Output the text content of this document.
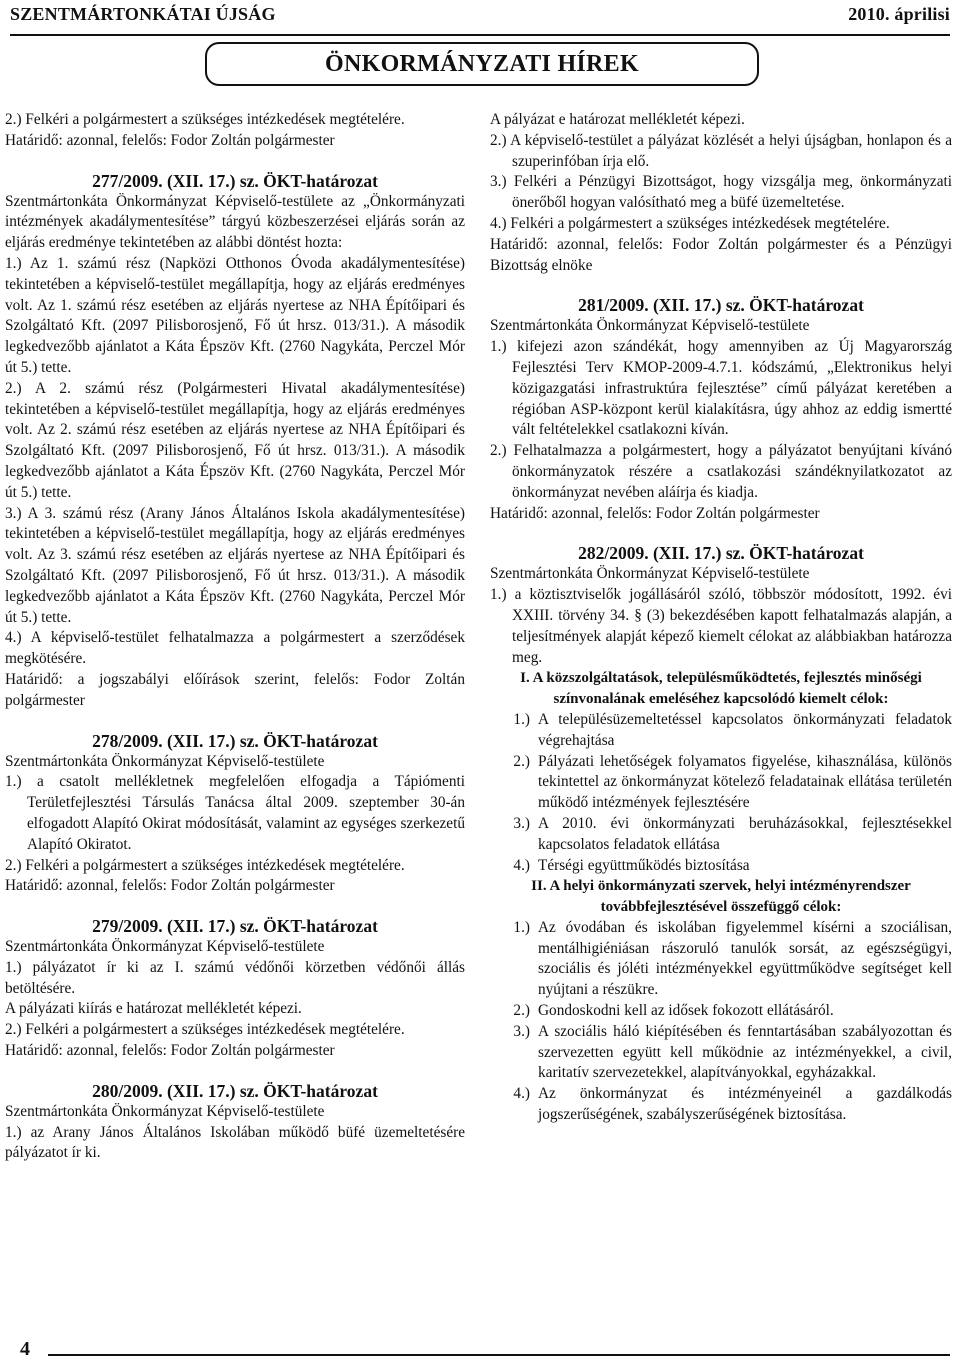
SZENTMÁRTONKÁTAI ÚJSÁG	2010. áprilisi
ÖNKORMÁNYZATI HÍREK

2.) Felkéri a polgármestert a szükséges intézkedések megtételére.

Határidő: azonnal, felelős: Fodor Zoltán polgármester

277/2009. (XII. 17.) sz. ÖKT-határozat

Szentmártonkáta Önkormányzat Képviselő-testülete az „Önkormányzati intézmények akadálymentesítése” tárgyú közbeszerzései eljárás során az eljárás eredménye tekintetében az alábbi döntést hozta:

1.) Az 1. számú rész (Napközi Otthonos Óvoda akadálymentesítése) tekintetében a képviselő-testület megállapítja, hogy az eljárás eredményes volt. Az 1. számú rész esetében az eljárás nyertese az NHA Építőipari és Szolgáltató Kft. (2097 Pilisborosjenő, Fő út hrsz. 013/31.). A második legkedvezőbb ajánlatot a Káta Épszöv Kft. (2760 Nagykáta, Perczel Mór út 5.) tette.

2.) A 2. számú rész (Polgármesteri Hivatal akadálymentesítése) tekintetében a képviselő-testület megállapítja, hogy az eljárás eredményes volt. Az 2. számú rész esetében az eljárás nyertese az NHA Építőipari és Szolgáltató Kft. (2097 Pilisborosjenő, Fő út hrsz. 013/31.). A második legkedvezőbb ajánlatot a Káta Épszöv Kft. (2760 Nagykáta, Perczel Mór út 5.) tette.

3.) A 3. számú rész (Arany János Általános Iskola akadálymentesítése) tekintetében a képviselő-testület megállapítja, hogy az eljárás eredményes volt. Az 3. számú rész esetében az eljárás nyertese az NHA Építőipari és Szolgáltató Kft. (2097 Pilisborosjenő, Fő út hrsz. 013/31.). A második legkedvezőbb ajánlatot a Káta Épszöv Kft. (2760 Nagykáta, Perczel Mór út 5.) tette.

4.) A képviselő-testület felhatalmazza a polgármestert a szerződések megkötésére.

Határidő: a jogszabályi előírások szerint, felelős: Fodor Zoltán polgármester

278/2009. (XII. 17.) sz. ÖKT-határozat

Szentmártonkáta Önkormányzat Képviselő-testülete

1.) a csatolt mellékletnek megfelelően elfogadja a Tápiómenti Területfejlesztési Társulás Tanácsa által 2009. szeptember 30-án elfogadott Alapító Okirat módosítását, valamint az egységes szerkezetű Alapító Okiratot.

2.) Felkéri a polgármestert a szükséges intézkedések megtételére.

Határidő: azonnal, felelős: Fodor Zoltán polgármester

279/2009. (XII. 17.) sz. ÖKT-határozat

Szentmártonkáta Önkormányzat Képviselő-testülete

1.) pályázatot ír ki az I. számú védőnői körzetben védőnői állás betöltésére.

A pályázati kiírás e határozat mellékletét képezi.

2.) Felkéri a polgármestert a szükséges intézkedések megtételére.

Határidő: azonnal, felelős: Fodor Zoltán polgármester

280/2009. (XII. 17.) sz. ÖKT-határozat

Szentmártonkáta Önkormányzat Képviselő-testülete

1.) az Arany János Általános Iskolában működő büfé üzemeltetésére pályázatot ír ki.

A pályázat e határozat mellékletét képezi.

2.) A képviselő-testület a pályázat közlését a helyi újságban, honlapon és a szuperinfóban írja elő.

3.) Felkéri a Pénzügyi Bizottságot, hogy vizsgálja meg, önkormányzati önerőből hogyan valósítható meg a büfé üzemeltetése.

4.) Felkéri a polgármestert a szükséges intézkedések megtételére.

Határidő: azonnal, felelős: Fodor Zoltán polgármester és a Pénzügyi Bizottság elnöke

281/2009. (XII. 17.) sz. ÖKT-határozat

Szentmártonkáta Önkormányzat Képviselő-testülete

1.) kifejezi azon szándékát, hogy amennyiben az Új Magyarország Fejlesztési Terv KMOP-2009-4.7.1. kódszámú, „Elektronikus helyi közigazgatási infrastruktúra fejlesztése” című pályázat keretében a régióban ASP-központ kerül kialakításra, úgy ahhoz az eddig ismertté vált feltételekkel csatlakozni kíván.

2.) Felhatalmazza a polgármestert, hogy a pályázatot benyújtani kívánó önkormányzatok részére a csatlakozási szándéknyilatkozatot az önkormányzat nevében aláírja és kiadja.

Határidő: azonnal, felelős: Fodor Zoltán polgármester

282/2009. (XII. 17.) sz. ÖKT-határozat

Szentmártonkáta Önkormányzat Képviselő-testülete

1.) a köztisztviselők jogállásáról szóló, többször módosított, 1992. évi XXIII. törvény 34. § (3) bekezdésében kapott felhatalmazás alapján, a teljesítmények alapját képező kiemelt célokat az alábbiakban határozza meg.

I. A közszolgáltatások, településműködtetés, fejlesztés minőségi színvonalának emeléséhez kapcsolódó kiemelt célok:

1.) A településüzemeltetéssel kapcsolatos önkormányzati feladatok végrehajtása
2.) Pályázati lehetőségek folyamatos figyelése, kihasználása, különös tekintettel az önkormányzat kötelező feladatainak ellátása területén működő intézmények fejlesztésére
3.) A 2010. évi önkormányzati beruházásokkal, fejlesztésekkel kapcsolatos feladatok ellátása
4.) Térségi együttműködés biztosítása

II. A helyi önkormányzati szervek, helyi intézményrendszer továbbfejlesztésével összefüggő célok:

1.) Az óvodában és iskolában figyelemmel kísérni a szociálisan, mentálhigiéniásan rászoruló tanulók sorsát, az egészségügyi, szociális és jóléti intézményekkel együttműködve segítséget kell nyújtani a részükre.
2.) Gondoskodni kell az idősek fokozott ellátásáról.
3.) A szociális háló kiépítésében és fenntartásában szabályozottan és szervezetten együtt kell működnie az intézményekkel, a civil, karitatív szervezetekkel, alapítványokkal, egyházakkal.
4.) Az önkormányzat és intézményeinél a gazdálkodás jogszerűségének, szabályszerűségének biztosítása.
4
